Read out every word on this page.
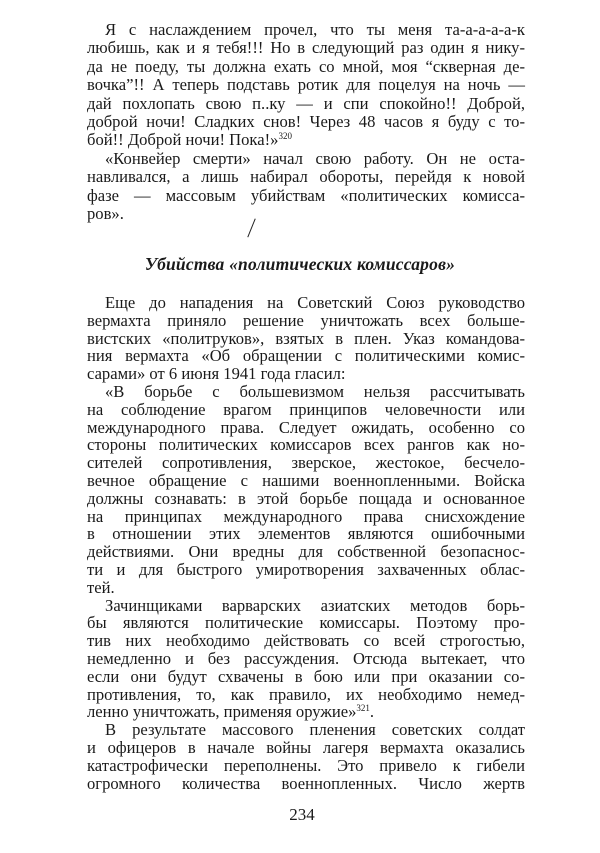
Я с наслаждением прочел, что ты меня та-а-а-а-а-к
любишь, как и я тебя!!! Но в следующий раз один я нику-
да не поеду, ты должна ехать со мной, моя “скверная де-
вочка”!! А теперь подставь ротик для поцелуя на ночь —
дай похлопать свою п..ку — и спи спокойно!! Доброй,
доброй ночи! Сладких снов! Через 48 часов я буду с то-
бой!! Доброй ночи! Пока!»$^{320}$
«Конвейер смерти» начал свою работу. Он не оста-
навливался, а лишь набирал обороты, перейдя к новой
фазе — массовым убийствам «политических комисса-
ров».
Убийства «политических комиссаров»
Еще до нападения на Советский Союз руководство
вермахта приняло решение уничтожать всех больше-
вистских «политруков», взятых в плен. Указ командова-
ния вермахта «Об обращении с политическими комис-
сарами» от 6 июня 1941 года гласил:
«В борьбе с большевизмом нельзя рассчитывать
на соблюдение врагом принципов человечности или
международного права. Следует ожидать, особенно со
стороны политических комиссаров всех рангов как но-
сителей сопротивления, зверское, жестокое, бесчело-
вечное обращение с нашими военнопленными. Войска
должны сознавать: в этой борьбе пощада и основанное
на принципах международного права снисхождение
в отношении этих элементов являются ошибочными
действиями. Они вредны для собственной безопаснос-
ти и для быстрого умиротворения захваченных облас-
тей.
Зачинщиками варварских азиатских методов борь-
бы являются политические комиссары. Поэтому про-
тив них необходимо действовать со всей строгостью,
немедленно и без рассуждения. Отсюда вытекает, что
если они будут схвачены в бою или при оказании со-
противления, то, как правило, их необходимо немед-
ленно уничтожать, применяя оружие»$^{321}$.
В результате массового пленения советских солдат
и офицеров в начале войны лагеря вермахта оказались
катастрофически переполнены. Это привело к гибели
огромного количества военнопленных. Число жертв
234
